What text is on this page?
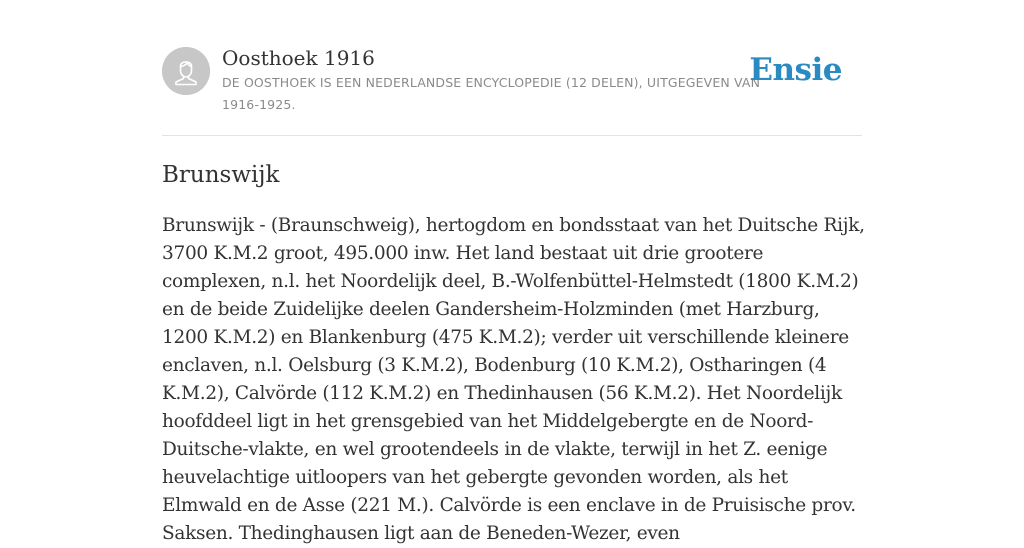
Oosthoek 1916
DE OOSTHOEK IS EEN NEDERLANDSE ENCYCLOPEDIE (12 DELEN), UITGEGEVEN VAN 1916-1925.
Ensie
Brunswijk

Brunswijk - (Braunschweig), hertogdom en bondsstaat van het Duitsche Rijk, 3700 K.M.2 groot, 495.000 inw. Het land bestaat uit drie grootere complexen, n.l. het Noordelijk deel, B.-Wolfenbüttel-Helmstedt (1800 K.M.2) en de beide Zuidelijke deelen Gandersheim-Holzminden (met Harzburg, 1200 K.M.2) en Blankenburg (475 K.M.2); verder uit verschillende kleinere enclaven, n.l. Oelsburg (3 K.M.2), Bodenburg (10 K.M.2), Ostharingen (4 K.M.2), Calvörde (112 K.M.2) en Thedinhausen (56 K.M.2). Het Noordelijk hoofddeel ligt in het grensgebied van het Middelgebergte en de Noord-Duitsche-vlakte, en wel grootendeels in de vlakte, terwijl in het Z. eenige heuvelachtige uitloopers van het gebergte gevonden worden, als het Elmwald en de Asse (221 M.). Calvörde is een enclave in de Pruisische prov. Saksen. Thedinghausen ligt aan de Beneden-Wezer, even
